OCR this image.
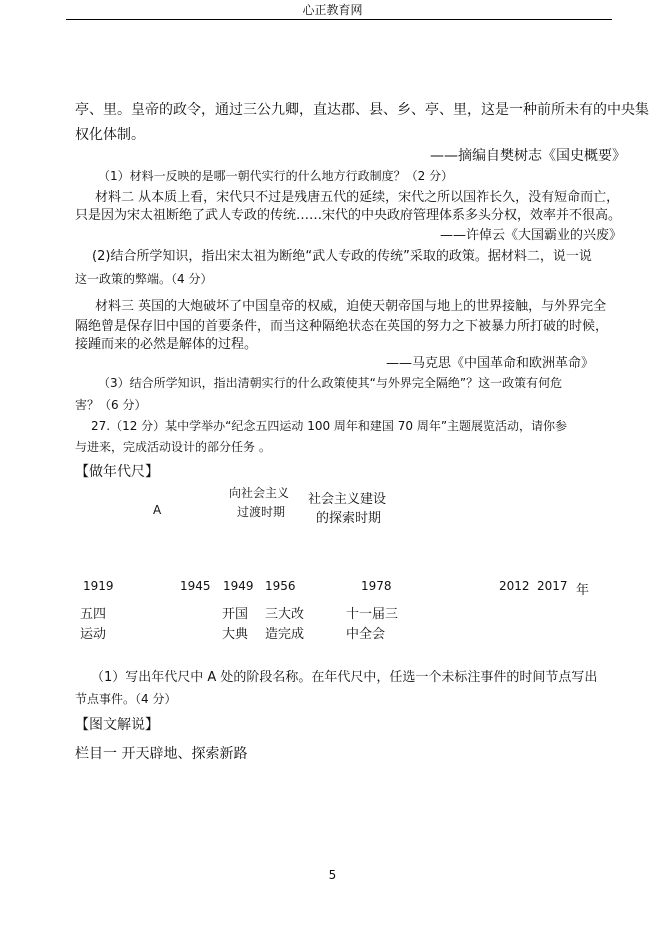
心正教育网
亭、里。皇帝的政令，通过三公九卿，直达郡、县、乡、亭、里，这是一种前所未有的中央集
权化体制。
——摘编自樊树志《国史概要》
（1）材料一反映的是哪一朝代实行的什么地方行政制度？（2 分）
材料二 从本质上看，宋代只不过是残唐五代的延续，宋代之所以国祚长久，没有短命而亡，
只是因为宋太祖断绝了武人专政的传统……宋代的中央政府管理体系多头分权，效率并不很高。
——许倬云《大国霸业的兴废》
(2)结合所学知识，指出宋太祖为断绝“武人专政的传统”采取的政策。据材料二，说一说
这一政策的弊端。（4 分）
材料三 英国的大炮破坏了中国皇帝的权威，迫使天朝帝国与地上的世界接触，与外界完全
隔绝曾是保存旧中国的首要条件，而当这种隔绝状态在英国的努力之下被暴力所打破的时候，
接踵而来的必然是解体的过程。
——马克思《中国革命和欧洲革命》
（3）结合所学知识，指出清朝实行的什么政策使其“与外界完全隔绝”？这一政策有何危
害？（6 分）
27.（12 分）某中学举办“纪念五四运动 100 周年和建国 70 周年”主题展览活动，请你参
与进来，完成活动设计的部分任务 。
【做年代尺】
A
向社会主义
过渡时期
社会主义建设
的探索时期
1919	1945 1949 1956	1978	2012 2017 年
五四
运动
开国
大典
三大改
造完成
十一届三
中全会
（1）写出年代尺中 A 处的阶段名称。在年代尺中，任选一个未标注事件的时间节点写出
节点事件。（4 分）
【图文解说】
栏目一 开天辟地、探索新路
5
